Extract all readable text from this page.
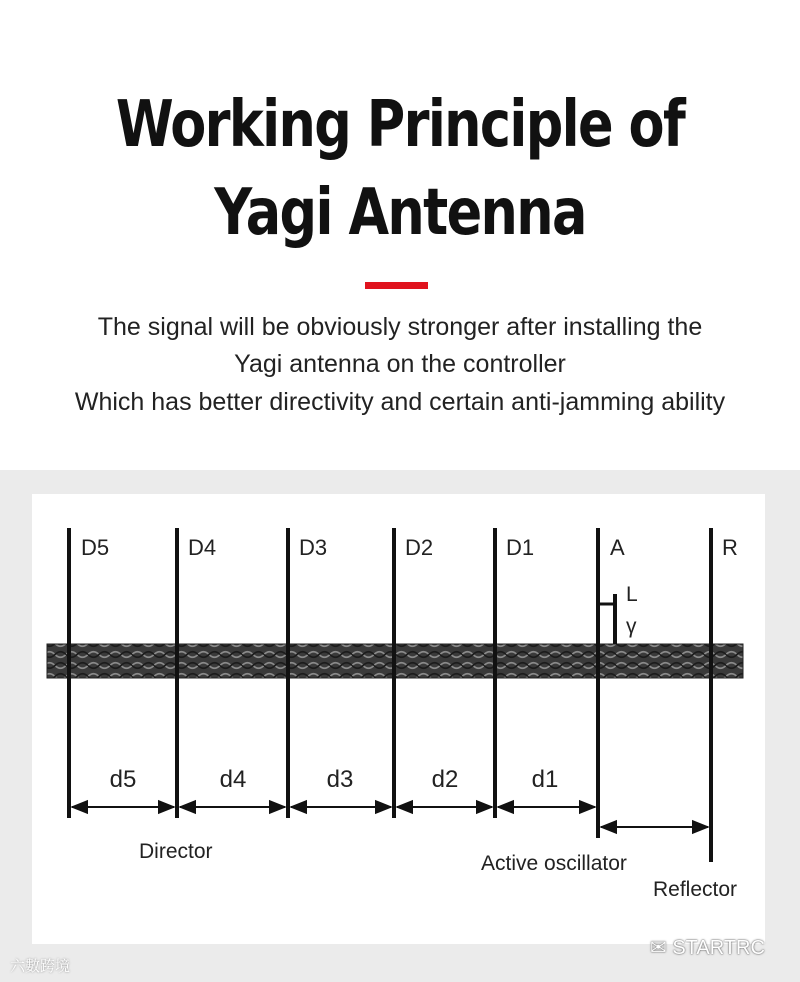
Working Principle of
Yagi Antenna
The signal will be obviously stronger after installing the
Yagi antenna on the controller
Which has better directivity and certain anti-jamming ability
D5	D4	D3	D2	D1	A	R
L
γ
d5	d4	d3	d2	d1
Director
Active oscillator
Reflector
六數跨境
✉ STARTRC
